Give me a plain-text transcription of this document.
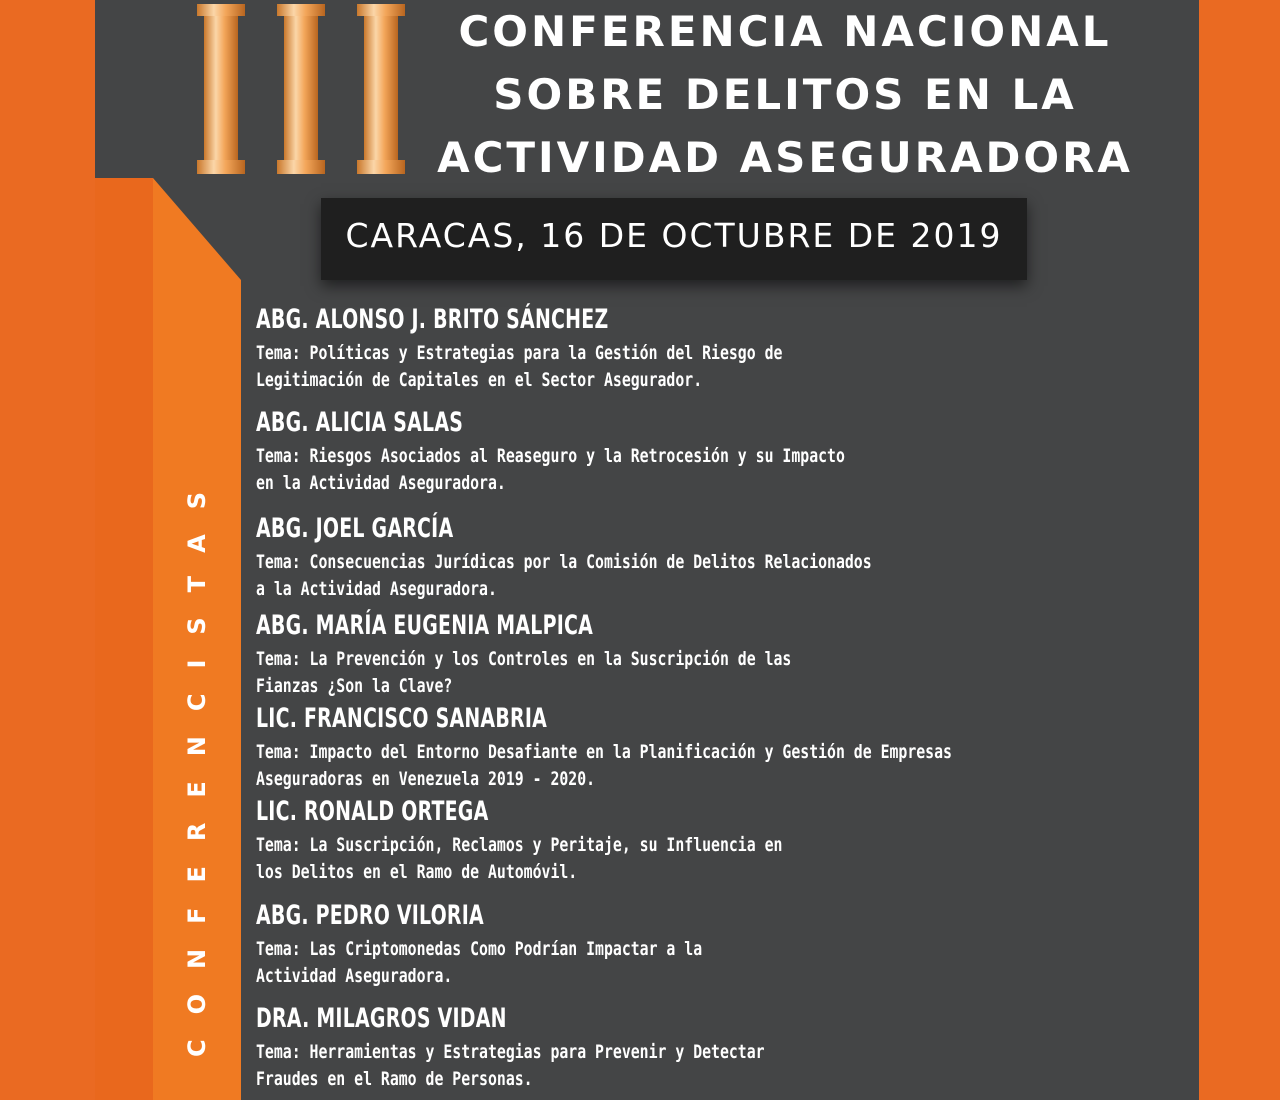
CONFERENCIA NACIONAL
SOBRE DELITOS EN LA
ACTIVIDAD ASEGURADORA
CARACAS, 16 DE OCTUBRE DE 2019
CONFERENCISTAS
ABG. ALONSO J. BRITO SÁNCHEZ
Tema: Políticas y Estrategias para la Gestión del Riesgo de
Legitimación de Capitales en el Sector Asegurador.
ABG. ALICIA SALAS
Tema: Riesgos Asociados al Reaseguro y la Retrocesión y su Impacto
en la Actividad Aseguradora.
ABG. JOEL GARCÍA
Tema: Consecuencias Jurídicas por la Comisión de Delitos Relacionados
a la Actividad Aseguradora.
ABG. MARÍA EUGENIA MALPICA
Tema: La Prevención y los Controles en la Suscripción de las
Fianzas ¿Son la Clave?
LIC. FRANCISCO SANABRIA
Tema: Impacto del Entorno Desafiante en la Planificación y Gestión de Empresas
Aseguradoras en Venezuela 2019 - 2020.
LIC. RONALD ORTEGA
Tema: La Suscripción, Reclamos y Peritaje, su Influencia en
los Delitos en el Ramo de Automóvil.
ABG. PEDRO VILORIA
Tema: Las Criptomonedas Como Podrían Impactar a la
Actividad Aseguradora.
DRA. MILAGROS VIDAN
Tema: Herramientas y Estrategias para Prevenir y Detectar
Fraudes en el Ramo de Personas.
